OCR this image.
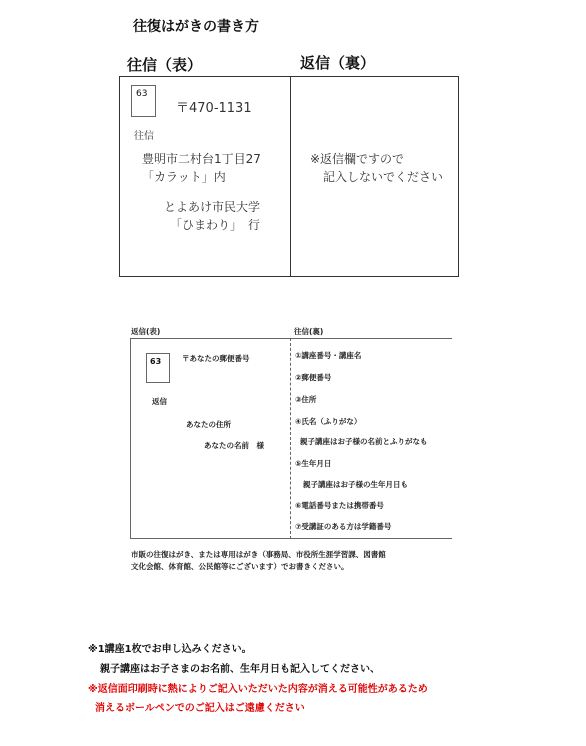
往復はがきの書き方
往信（表）	返信（裏）
63
〒470-1131
往信
豊明市二村台1丁目27
「カラット」内
とよあけ市民大学
「ひまわり」　行
※返信欄ですので
記入しないでください
返信(表)	往信(裏)
63	〒あなたの郵便番号
返信
あなたの住所
あなたの名前　様
①講座番号・講座名
②郵便番号
③住所
④氏名（ふりがな）
親子講座はお子様の名前とふりがなも
⑤生年月日
親子講座はお子様の生年月日も
⑥電話番号または携帯番号
⑦受講証のある方は学籍番号
市販の往復はがき、または専用はがき（事務局、市役所生涯学習課、図書館
文化会館、体育館、公民館等にございます）でお書きください。
※1講座1枚でお申し込みください。
親子講座はお子さまのお名前、生年月日も記入してください、
※返信面印刷時に熱によりご記入いただいた内容が消える可能性があるため
消えるボールペンでのご記入はご遠慮ください
